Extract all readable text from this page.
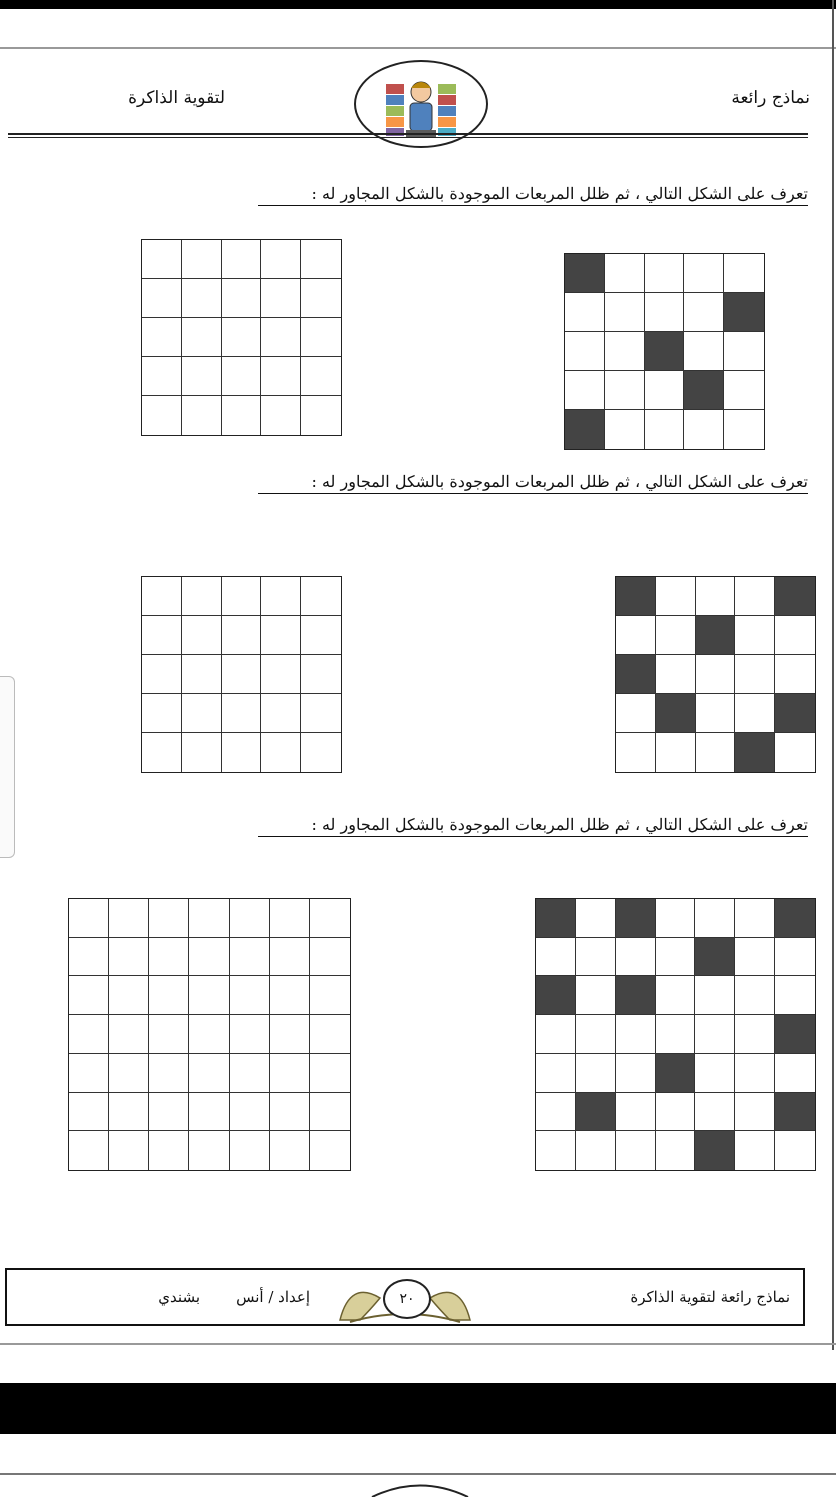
نماذج رائعة
لتقوية الذاكرة
تعرف على الشكل التالي ، ثم ظلل المربعات الموجودة بالشكل المجاور له :
تعرف على الشكل التالي ، ثم ظلل المربعات الموجودة بالشكل المجاور له :
تعرف على الشكل التالي ، ثم ظلل المربعات الموجودة بالشكل المجاور له :
نماذج رائعة لتقوية الذاكرة
إعداد / أنس
بشندي	٢٠
